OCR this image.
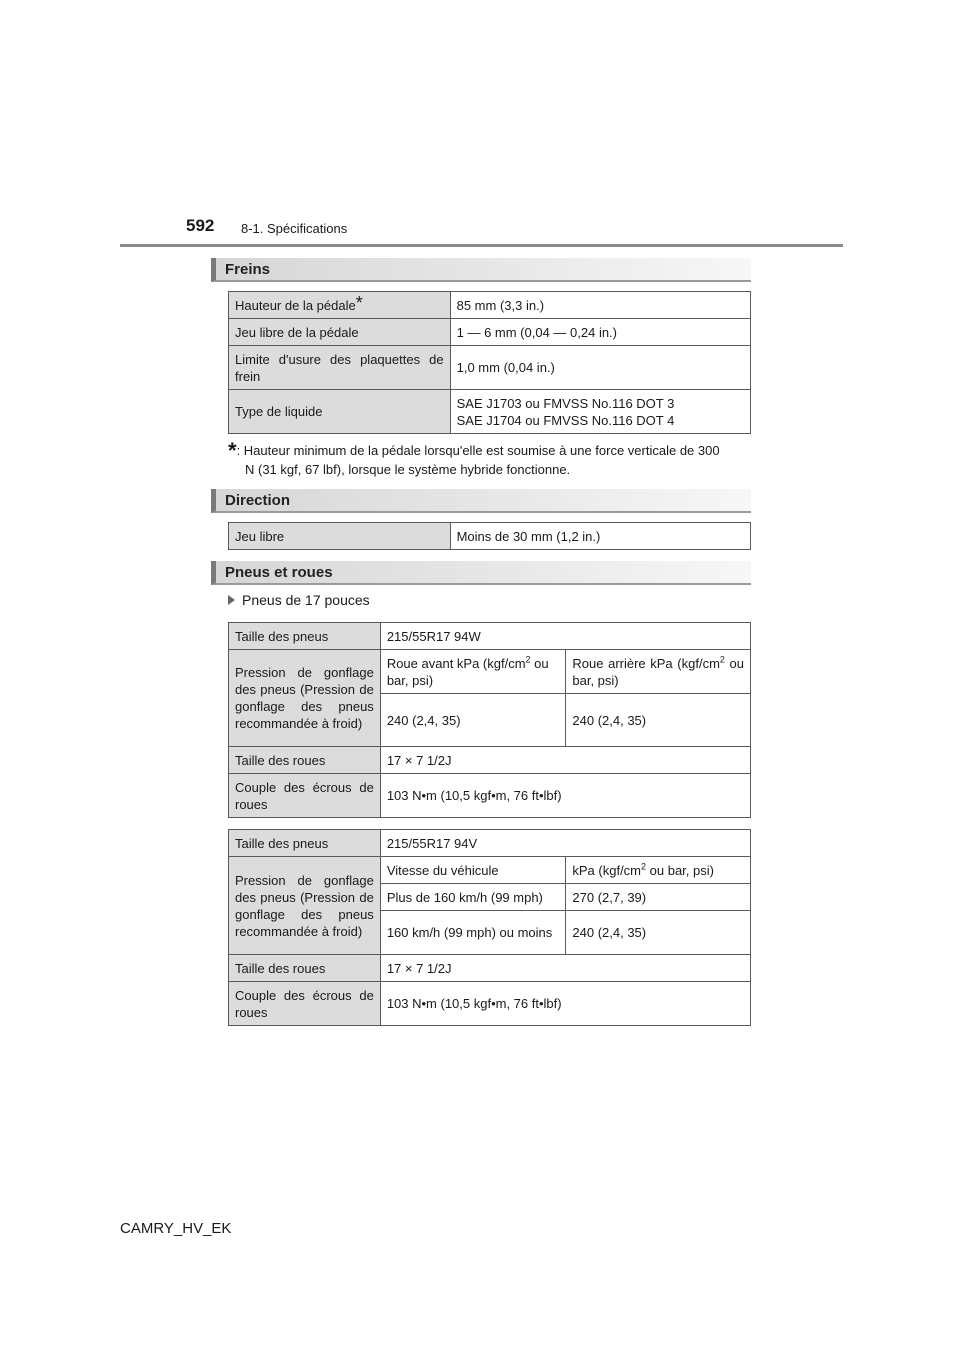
592 8-1. Spécifications
Freins
Hauteur de la pédale*	85 mm (3,3 in.)
Jeu libre de la pédale	1 — 6 mm (0,04 — 0,24 in.)
Limite d'usure des plaquettes de frein	1,0 mm (0,04 in.)
Type de liquide	SAE J1703 ou FMVSS No.116 DOT 3
SAE J1704 ou FMVSS No.116 DOT 4
*: Hauteur minimum de la pédale lorsqu'elle est soumise à une force verticale de 300
N (31 kgf, 67 lbf), lorsque le système hybride fonctionne.
Direction
Jeu libre	Moins de 30 mm (1,2 in.)
Pneus et roues
Pneus de 17 pouces
Taille des pneus	215/55R17 94W	
Pression de gonflage des pneus (Pression de gonflage des pneus recommandée à froid)	Roue avant kPa ($kgf/cm^2$ ou bar, psi)	Roue arrière kPa ($kgf/cm^2$ ou bar, psi)
	240 (2,4, 35)	240 (2,4, 35)
Taille des roues	17 × 7 1/2J	
Couple des écrous de roues	103 N•m (10,5 kgf•m, 76 ft•lbf)	
Taille des pneus	215/55R17 94V	
Pression de gonflage des pneus (Pression de gonflage des pneus recommandée à froid)	Vitesse du véhicule	kPa ($kgf/cm^2$ ou bar, psi)
	Plus de 160 km/h (99 mph)	270 (2,7, 39)
	160 km/h (99 mph) ou moins	240 (2,4, 35)
Taille des roues	17 × 7 1/2J	
Couple des écrous de roues	103 N•m (10,5 kgf•m, 76 ft•lbf)	
CAMRY_HV_EK
